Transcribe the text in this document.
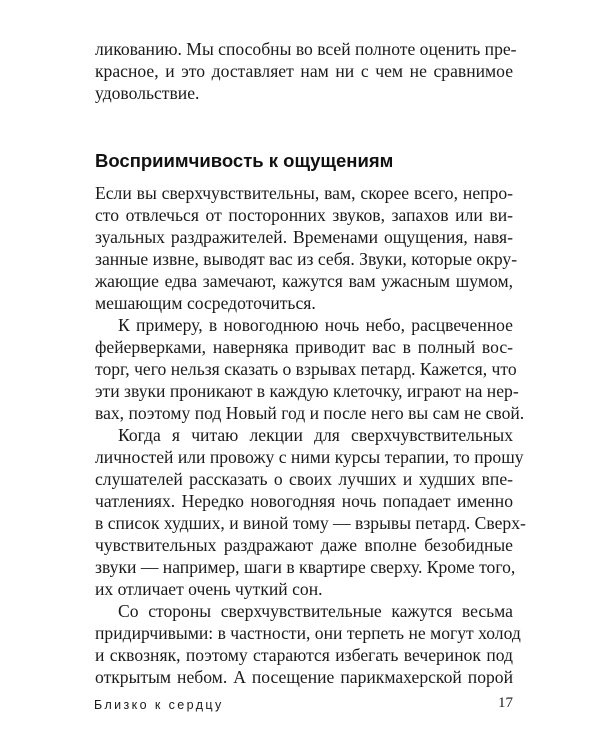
ликованию. Мы способны во всей полноте оценить пре-
красное, и это доставляет нам ни с чем не сравнимое
удовольствие.
Восприимчивость к ощущениям
Если вы сверхчувствительны, вам, скорее всего, непро-
сто отвлечься от посторонних звуков, запахов или ви-
зуальных раздражителей. Временами ощущения, навя-
занные извне, выводят вас из себя. Звуки, которые окру-
жающие едва замечают, кажутся вам ужасным шумом,
мешающим сосредоточиться.
К примеру, в новогоднюю ночь небо, расцвеченное
фейерверками, наверняка приводит вас в полный вос-
торг, чего нельзя сказать о взрывах петард. Кажется, что
эти звуки проникают в каждую клеточку, играют на нер-
вах, поэтому под Новый год и после него вы сам не свой.
Когда я читаю лекции для сверхчувствительных
личностей или провожу с ними курсы терапии, то прошу
слушателей рассказать о своих лучших и худших впе-
чатлениях. Нередко новогодняя ночь попадает именно
в список худших, и виной тому — взрывы петард. Сверх-
чувствительных раздражают даже вполне безобидные
звуки — например, шаги в квартире сверху. Кроме того,
их отличает очень чуткий сон.
Со стороны сверхчувствительные кажутся весьма
придирчивыми: в частности, они терпеть не могут холод
и сквозняк, поэтому стараются избегать вечеринок под
открытым небом. А посещение парикмахерской порой
Близко к сердцу	17
